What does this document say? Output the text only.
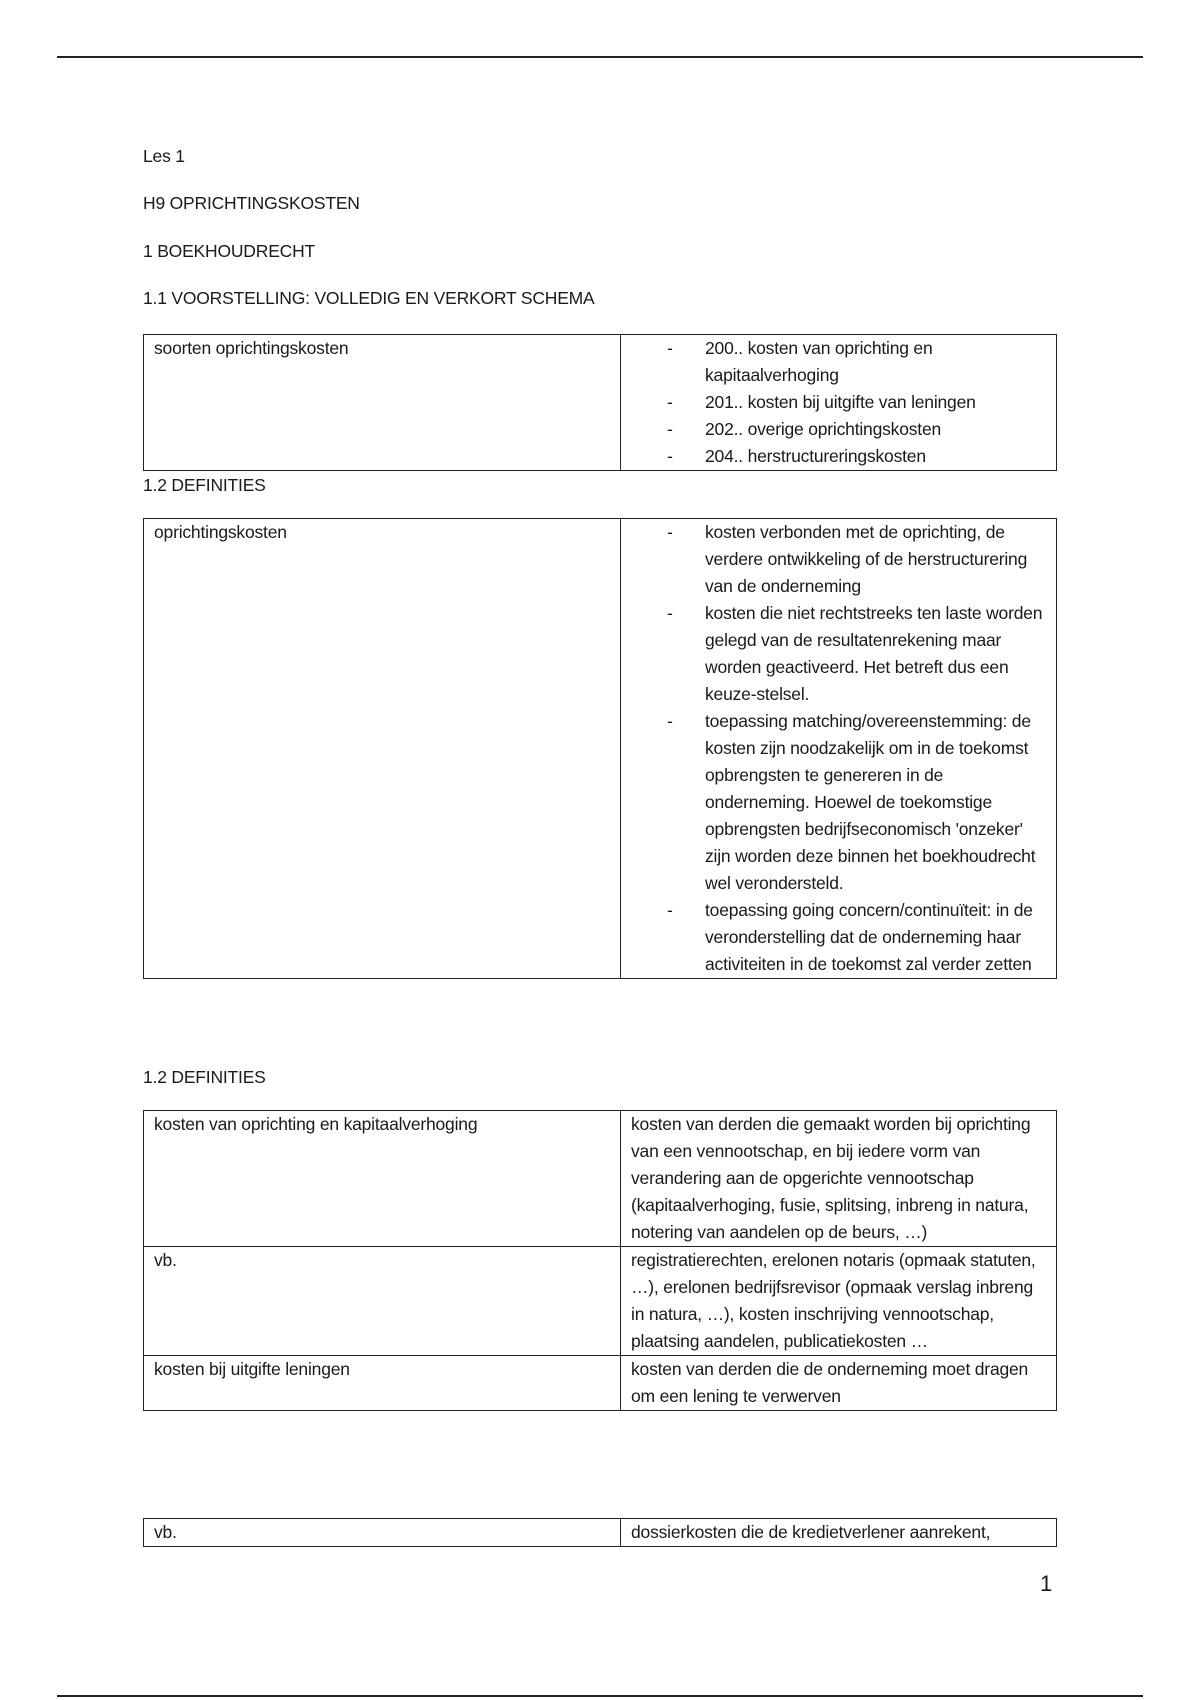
Les 1
H9 OPRICHTINGSKOSTEN
1 BOEKHOUDRECHT
1.1 VOORSTELLING: VOLLEDIG EN VERKORT SCHEMA
soorten oprichtingskosten	- 200.. kosten van oprichting en kapitaalverhoging
- 201.. kosten bij uitgifte van leningen
- 202.. overige oprichtingskosten
- 204.. herstructureringskosten
1.2 DEFINITIES
oprichtingskosten	- kosten verbonden met de oprichting, de verdere ontwikkeling of de herstructurering van de onderneming
- kosten die niet rechtstreeks ten laste worden gelegd van de resultatenrekening maar worden geactiveerd. Het betreft dus een keuze-stelsel.
- toepassing matching/overeenstemming: de kosten zijn noodzakelijk om in de toekomst opbrengsten te genereren in de onderneming. Hoewel de toekomstige opbrengsten bedrijfseconomisch 'onzeker' zijn worden deze binnen het boekhoudrecht wel verondersteld.
- toepassing going concern/continuïteit: in de veronderstelling dat de onderneming haar activiteiten in de toekomst zal verder zetten
1.2 DEFINITIES
kosten van oprichting en kapitaalverhoging	kosten van derden die gemaakt worden bij oprichting van een vennootschap, en bij iedere vorm van verandering aan de opgerichte vennootschap (kapitaalverhoging, fusie, splitsing, inbreng in natura, notering van aandelen op de beurs, …)
vb.	registratierechten, erelonen notaris (opmaak statuten, …), erelonen bedrijfsrevisor (opmaak verslag inbreng in natura, …), kosten inschrijving vennootschap, plaatsing aandelen, publicatiekosten …
kosten bij uitgifte leningen	kosten van derden die de onderneming moet dragen om een lening te verwerven
vb.	dossierkosten die de kredietverlener aanrekent,
1
